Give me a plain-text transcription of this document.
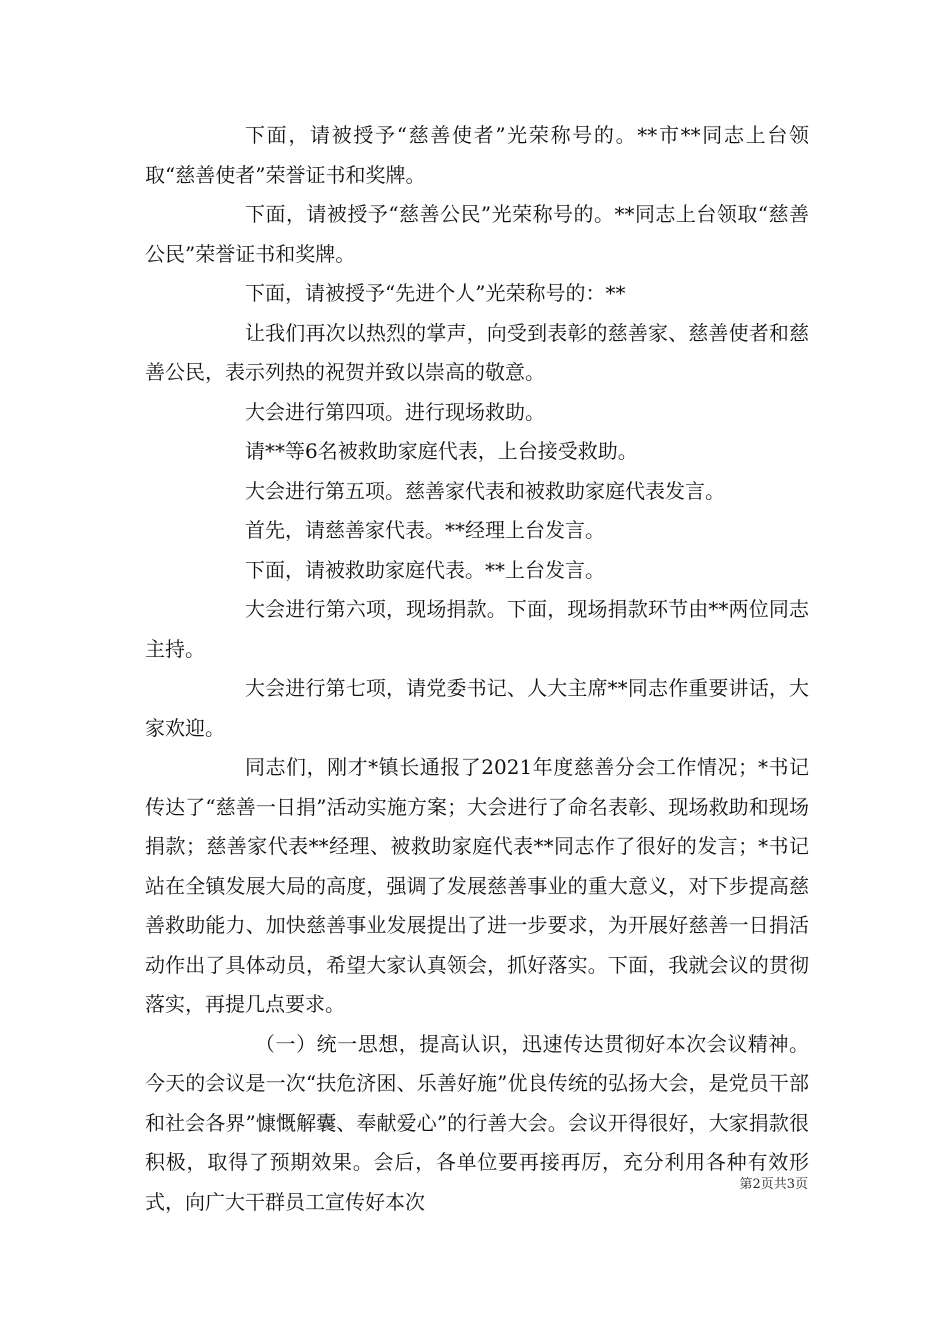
下面，请被授予“慈善使者”光荣称号的。**市**同志上台领取“慈善使者”荣誉证书和奖牌。

下面，请被授予“慈善公民”光荣称号的。**同志上台领取“慈善公民”荣誉证书和奖牌。

下面，请被授予“先进个人”光荣称号的：**

让我们再次以热烈的掌声，向受到表彰的慈善家、慈善使者和慈善公民，表示列热的祝贺并致以崇高的敬意。

大会进行第四项。进行现场救助。

请**等6名被救助家庭代表，上台接受救助。

大会进行第五项。慈善家代表和被救助家庭代表发言。

首先，请慈善家代表。**经理上台发言。

下面，请被救助家庭代表。**上台发言。

大会进行第六项，现场捐款。下面，现场捐款环节由**两位同志主持。

大会进行第七项，请党委书记、人大主席**同志作重要讲话，大家欢迎。

同志们，刚才*镇长通报了2021年度慈善分会工作情况；*书记传达了“慈善一日捐”活动实施方案；大会进行了命名表彰、现场救助和现场捐款；慈善家代表**经理、被救助家庭代表**同志作了很好的发言；*书记站在全镇发展大局的高度，强调了发展慈善事业的重大意义，对下步提高慈善救助能力、加快慈善事业发展提出了进一步要求，为开展好慈善一日捐活动作出了具体动员，希望大家认真领会，抓好落实。下面，我就会议的贯彻落实，再提几点要求。

（一）统一思想，提高认识，迅速传达贯彻好本次会议精神。今天的会议是一次“扶危济困、乐善好施”优良传统的弘扬大会，是党员干部和社会各界”慷慨解囊、奉献爱心”的行善大会。会议开得很好，大家捐款很积极，取得了预期效果。会后，各单位要再接再厉，充分利用各种有效形式，向广大干群员工宣传好本次

第2页共3页
